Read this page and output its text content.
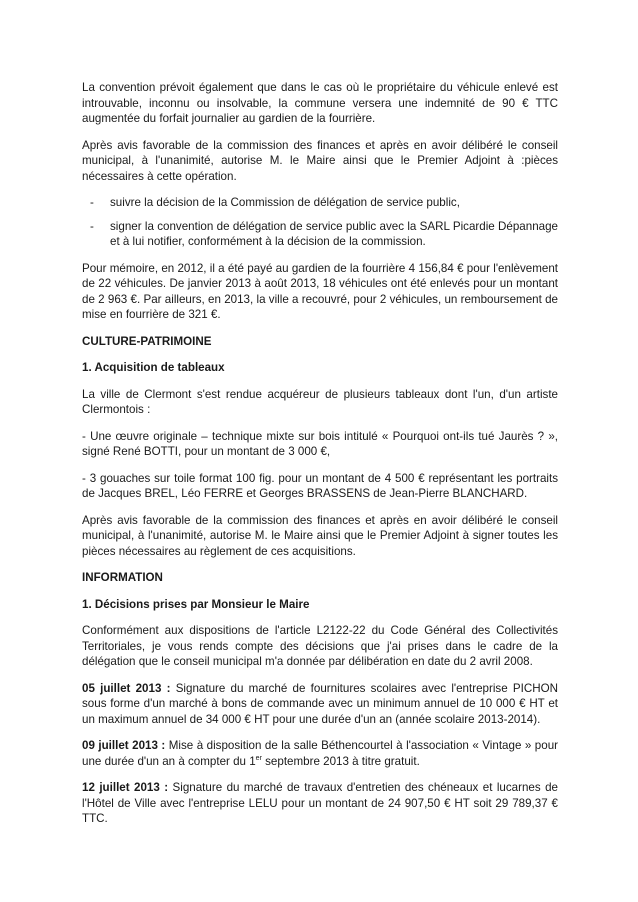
La convention prévoit également que dans le cas où le propriétaire du véhicule enlevé est introuvable, inconnu ou insolvable, la commune versera une indemnité de 90 € TTC augmentée du forfait journalier au gardien de la fourrière.

Après avis favorable de la commission des finances et après en avoir délibéré le conseil municipal, à l'unanimité, autorise M. le Maire ainsi que le Premier Adjoint à :pièces nécessaires à cette opération.

- suivre la décision de la Commission de délégation de service public,
- signer la convention de délégation de service public avec la SARL Picardie Dépannage et à lui notifier, conformément à la décision de la commission.

Pour mémoire, en 2012, il a été payé au gardien de la fourrière 4 156,84 € pour l'enlèvement de 22 véhicules. De janvier 2013 à août 2013, 18 véhicules ont été enlevés pour un montant de 2 963 €. Par ailleurs, en 2013, la ville a recouvré, pour 2 véhicules, un remboursement de mise en fourrière de 321 €.

CULTURE-PATRIMOINE

1. Acquisition de tableaux

La ville de Clermont s'est rendue acquéreur de plusieurs tableaux dont l'un, d'un artiste Clermontois :

- Une œuvre originale – technique mixte sur bois intitulé « Pourquoi ont-ils tué Jaurès ? », signé René BOTTI, pour un montant de 3 000 €,

- 3 gouaches sur toile format 100 fig. pour un montant de 4 500 € représentant les portraits de Jacques BREL, Léo FERRE et Georges BRASSENS de Jean-Pierre BLANCHARD.

Après avis favorable de la commission des finances et après en avoir délibéré le conseil municipal, à l'unanimité, autorise M. le Maire ainsi que le Premier Adjoint à signer toutes les pièces nécessaires au règlement de ces acquisitions.

INFORMATION

1. Décisions prises par Monsieur le Maire

Conformément aux dispositions de l'article L2122-22 du Code Général des Collectivités Territoriales, je vous rends compte des décisions que j'ai prises dans le cadre de la délégation que le conseil municipal m'a donnée par délibération en date du 2 avril 2008.

05 juillet 2013 : Signature du marché de fournitures scolaires avec l'entreprise PICHON sous forme d'un marché à bons de commande avec un minimum annuel de 10 000 € HT et un maximum annuel de 34 000 € HT pour une durée d'un an (année scolaire 2013-2014).

09 juillet 2013 : Mise à disposition de la salle Béthencourtel à l'association « Vintage » pour une durée d'un an à compter du 1er septembre 2013 à titre gratuit.

12 juillet 2013 : Signature du marché de travaux d'entretien des chéneaux et lucarnes de l'Hôtel de Ville avec l'entreprise LELU pour un montant de 24 907,50 € HT soit 29 789,37 € TTC.
